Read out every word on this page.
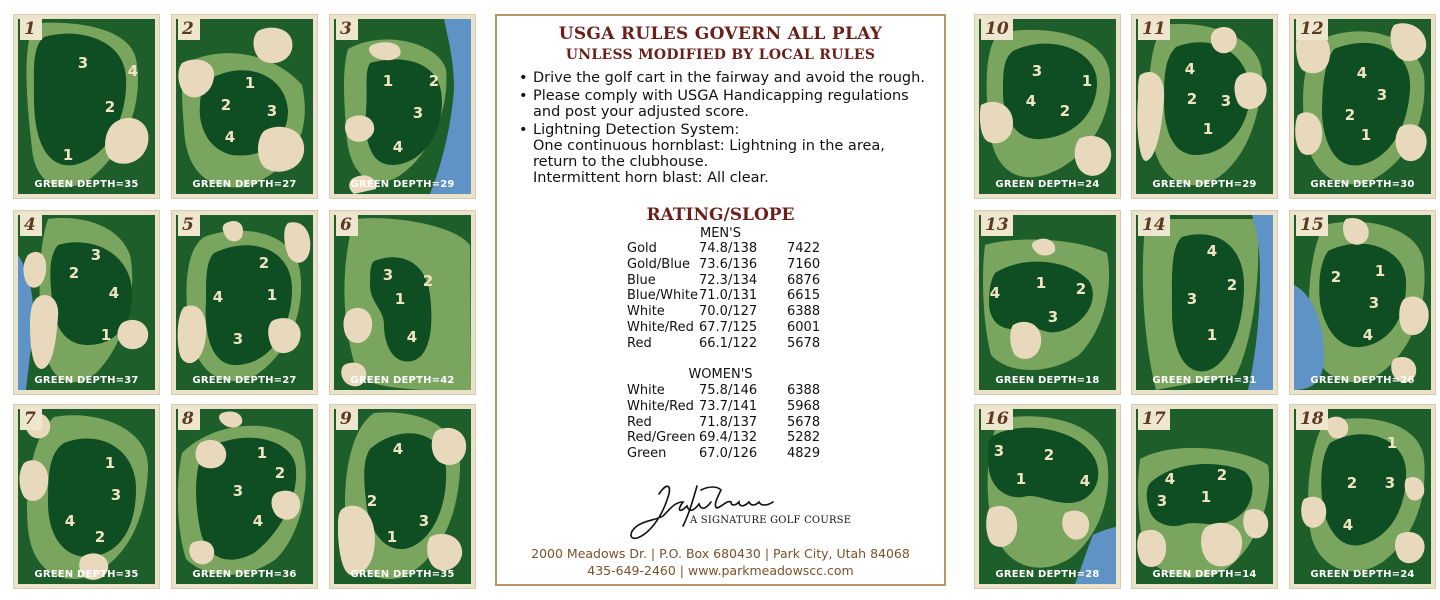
1
2
3	4
1
GREEN DEPTH=35
1
2 3
4
2
GREEN DEPTH=27
1 2
3
4
3
GREEN DEPTH=29
1
2
3
4
4
GREEN DEPTH=37
1
2
3
4
5
GREEN DEPTH=27
1
2
3
4
6
GREEN DEPTH=42
1
2
3
4
7
GREEN DEPTH=35
1
2
3
4
8
GREEN DEPTH=36
1
2
3
4
9
GREEN DEPTH=35
1
2
3
4
10
GREEN DEPTH=24
1
2 3
4
11
GREEN DEPTH=29
1
2
3
4
12
GREEN DEPTH=30
1 2
3
4
13
GREEN DEPTH=18
1
2
3
4
14
GREEN DEPTH=31
1
2
3
4
15
GREEN DEPTH=26
1
2
3
4
16
GREEN DEPTH=28
1
2
3
4
17
GREEN DEPTH=14
1
2 3
4
18
GREEN DEPTH=24
USGA RULES GOVERN ALL PLAY
UNLESS MODIFIED BY LOCAL RULES
• Drive the golf cart in the fairway and avoid the rough.
• Please comply with USGA Handicapping regulations
and post your adjusted score.
• Lightning Detection System:
One continuous hornblast: Lightning in the area,
return to the clubhouse.
Intermittent horn blast: All clear.
RATING/SLOPE
MEN'S
Gold	74.8/138	7422
Gold/Blue 73.6/136	7160
Blue	72.3/134	6876
Blue/White 71.0/131	6615
White	70.0/127	6388
White/Red 67.7/125	6001
Red	66.1/122	5678
WOMEN'S
White	75.8/146	6388
White/Red 73.7/141	5968
Red	71.8/137	5678
Red/Green 69.4/132	5282
Green	67.0/126	4829
A SIGNATURE GOLF COURSE
2000 Meadows Dr. | P.O. Box 680430 | Park City, Utah 84068
435-649-2460 | www.parkmeadowscc.com
